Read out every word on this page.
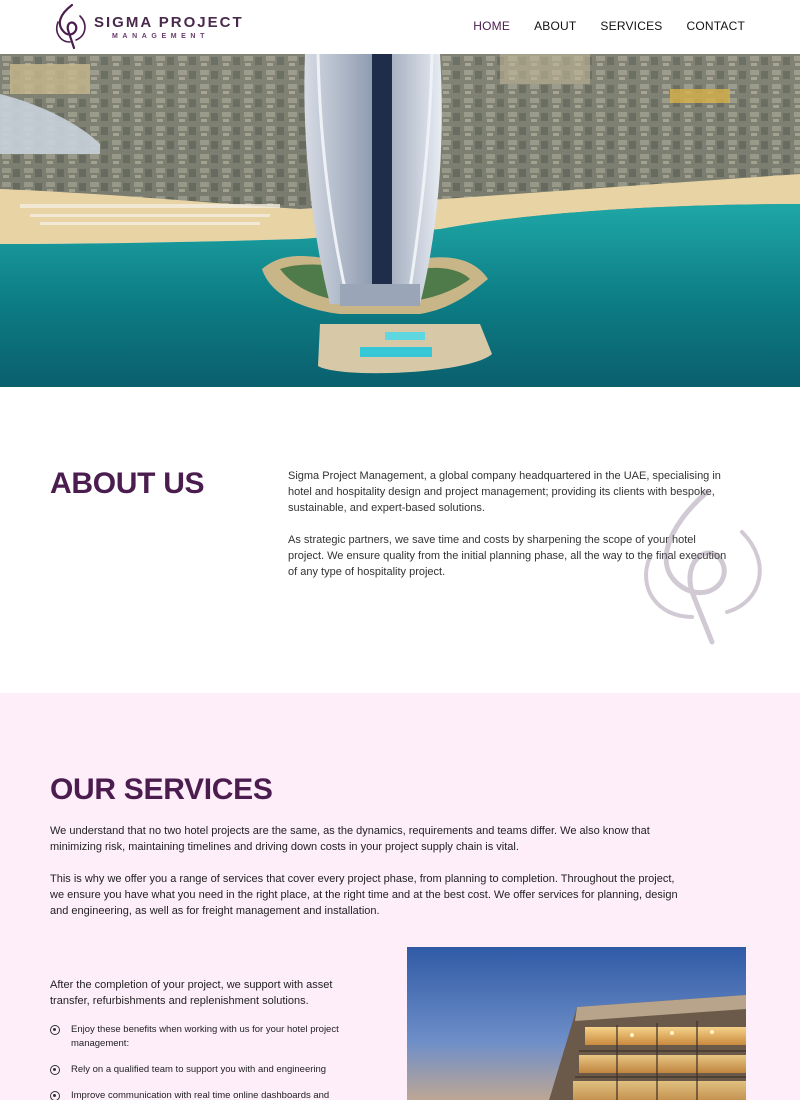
SIGMA PROJECT
MANAGEMENT
HOME ABOUT SERVICES CONTACT
ABOUT US	Sigma Project Management, a global company headquartered in the UAE, specialising in hotel and hospitality design and project management; providing its clients with bespoke, sustainable, and expert-based solutions.

As strategic partners, we save time and costs by sharpening the scope of your hotel project. We ensure quality from the initial planning phase, all the way to the final execution of any type of hospitality project.

OUR SERVICES

We understand that no two hotel projects are the same, as the dynamics, requirements and teams differ. We also know that minimizing risk, maintaining timelines and driving down costs in your project supply chain is vital.

This is why we offer you a range of services that cover every project phase, from planning to completion. Throughout the project, we ensure you have what you need in the right place, at the right time and at the best cost. We offer services for planning, design and engineering, as well as for freight management and installation.

After the completion of your project, we support with asset transfer, refurbishments and replenishment solutions.

Enjoy these benefits when working with us for your hotel project management:
Rely on a qualified team to support you with and engineering
Improve communication with real time online dashboards and
